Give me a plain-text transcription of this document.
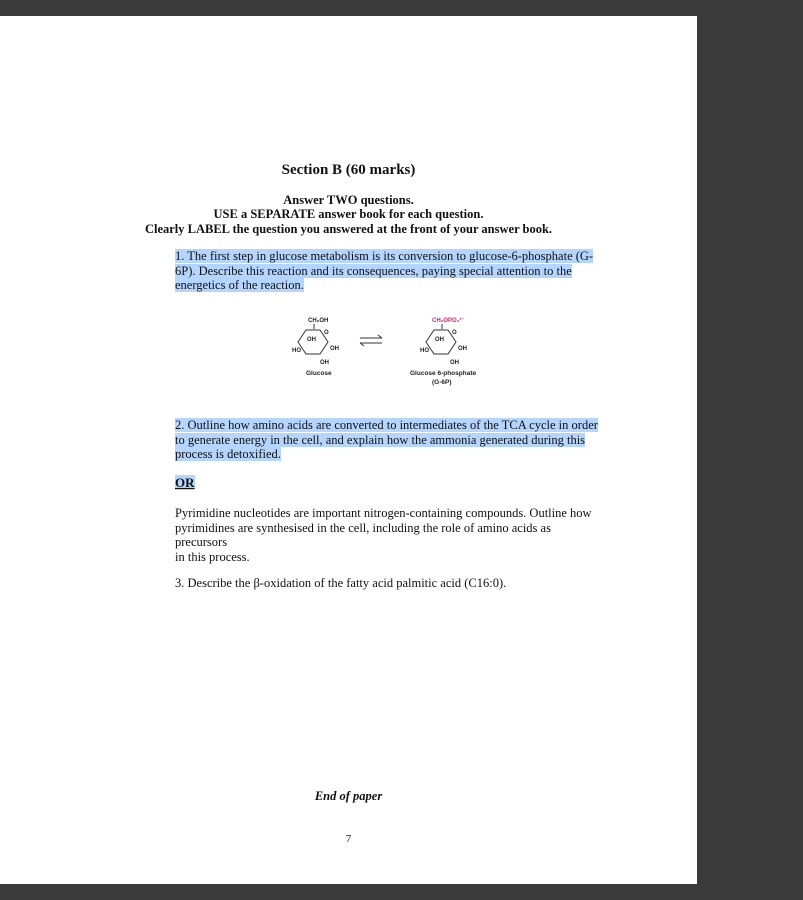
Section B (60 marks)
Answer TWO questions.
USE a SEPARATE answer book for each question.
Clearly LABEL the question you answered at the front of your answer book.
1. The first step in glucose metabolism is its conversion to glucose-6-phosphate (G-
6P). Describe this reaction and its consequences, paying special attention to the
energetics of the reaction.
CH₂OH
O
OH
HO	OH
OH
Glucose
CH₂OPO₃²⁻
O
OH
HO	OH
OH
Glucose 6-phosphate
(G-6P)
2. Outline how amino acids are converted to intermediates of the TCA cycle in order
to generate energy in the cell, and explain how the ammonia generated during this
process is detoxified.
OR
Pyrimidine nucleotides are important nitrogen-containing compounds. Outline how
pyrimidines are synthesised in the cell, including the role of amino acids as precursors
in this process.
3. Describe the β-oxidation of the fatty acid palmitic acid (C16:0).
End of paper
7
